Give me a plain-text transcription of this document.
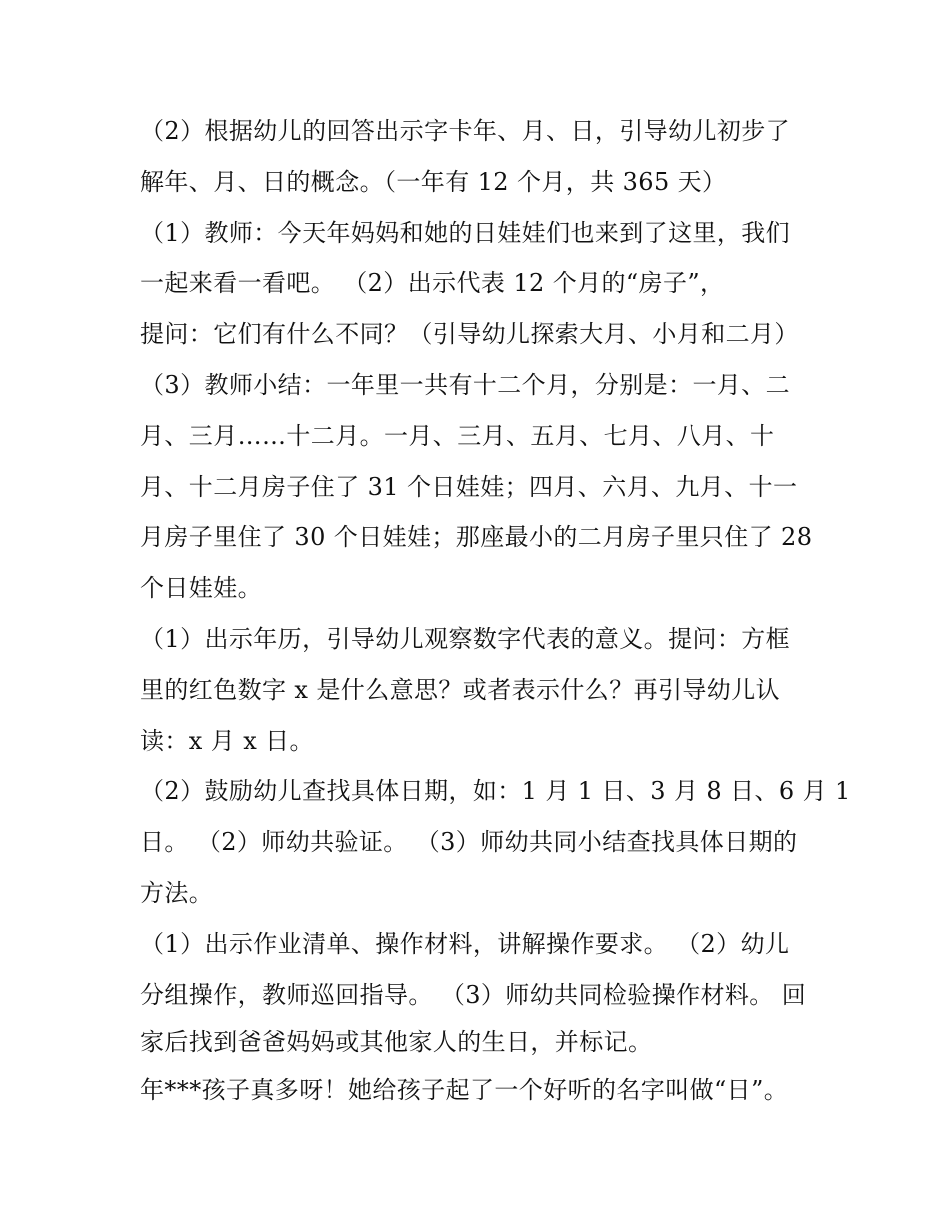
（2）根据幼儿的回答出示字卡年、月、日，引导幼儿初步了
解年、月、日的概念。（一年有 12 个月，共 365 天）
（1）教师：今天年妈妈和她的日娃娃们也来到了这里，我们
一起来看一看吧。 （2）出示代表 12 个月的“房子”，
提问：它们有什么不同？（引导幼儿探索大月、小月和二月）
（3）教师小结：一年里一共有十二个月，分别是：一月、二
月、三月……十二月。一月、三月、五月、七月、八月、十
月、十二月房子住了 31 个日娃娃；四月、六月、九月、十一
月房子里住了 30 个日娃娃；那座最小的二月房子里只住了 28
个日娃娃。
（1）出示年历，引导幼儿观察数字代表的意义。提问：方框
里的红色数字 x 是什么意思？或者表示什么？再引导幼儿认
读：x 月 x 日。
（2）鼓励幼儿查找具体日期，如：1 月 1 日、3 月 8 日、6 月 1
日。 （2）师幼共验证。 （3）师幼共同小结查找具体日期的
方法。
（1）出示作业清单、操作材料，讲解操作要求。 （2）幼儿
分组操作，教师巡回指导。 （3）师幼共同检验操作材料。 回
家后找到爸爸妈妈或其他家人的生日，并标记。
年***孩子真多呀！她给孩子起了一个好听的名字叫做“日”。
